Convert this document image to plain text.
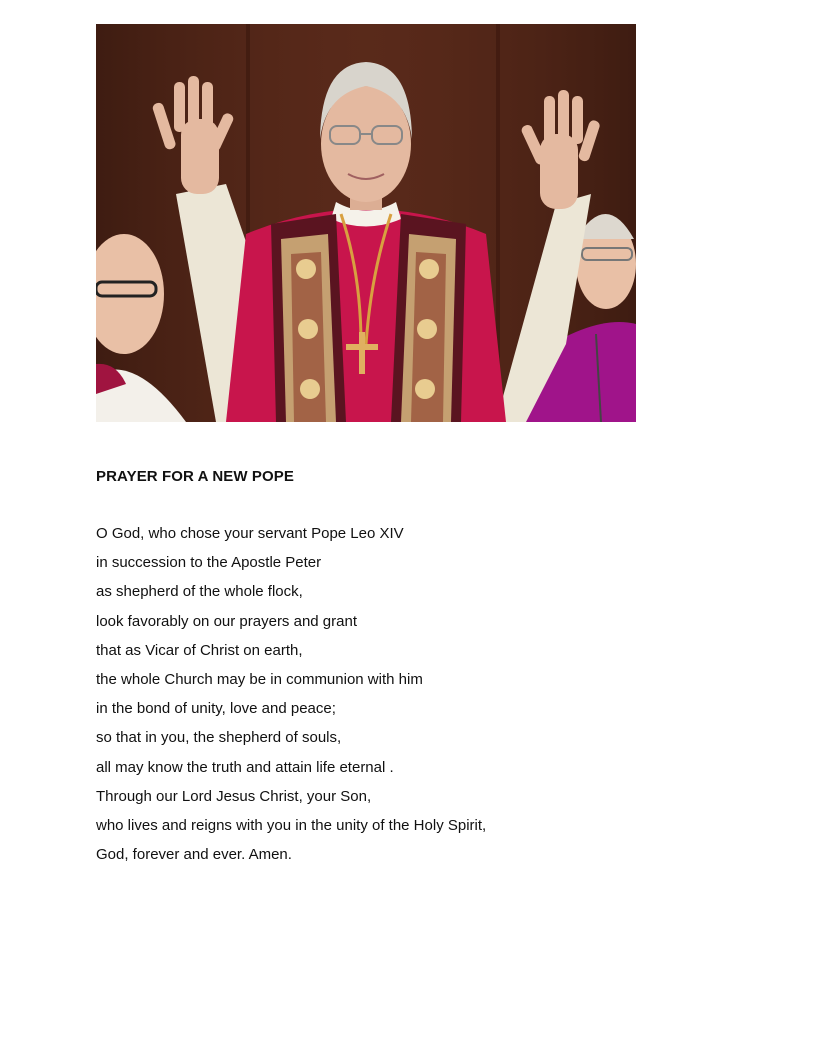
PRAYER FOR A NEW POPE
O God, who chose your servant Pope Leo XIV
in succession to the Apostle Peter
as shepherd of the whole flock,
look favorably on our prayers and grant
that as Vicar of Christ on earth,
the whole Church may be in communion with him
in the bond of unity, love and peace;
so that in you, the shepherd of souls,
all may know the truth and attain life eternal .
Through our Lord Jesus Christ, your Son,
who lives and reigns with you in the unity of the Holy Spirit,
God, forever and ever. Amen.
